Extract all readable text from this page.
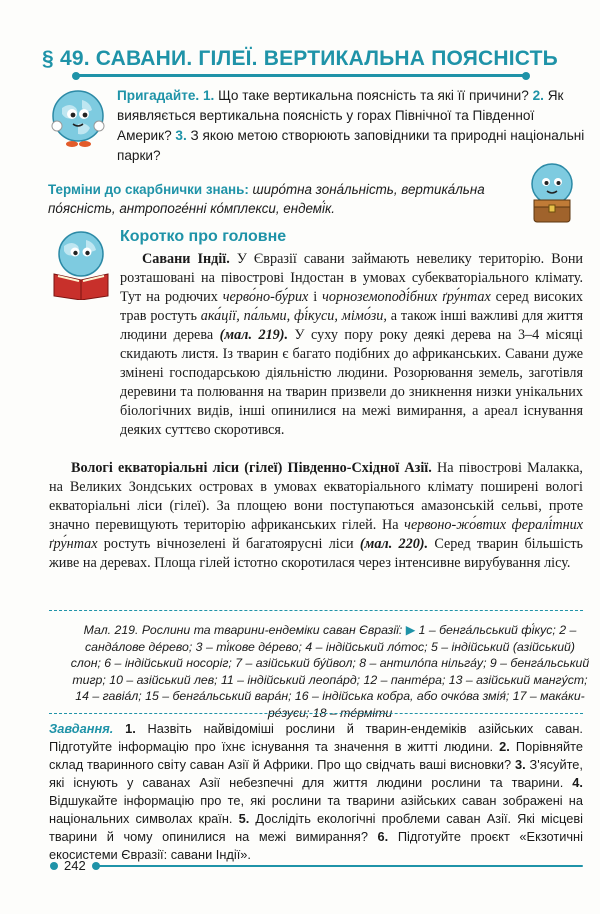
§ 49. САВАНИ. ГІЛЕЇ. ВЕРТИКАЛЬНА ПОЯСНІСТЬ
Пригадайте. 1. Що таке вертикальна поясність та які її причини? 2. Як виявляється вертикальна поясність у горах Північної та Південної Америк? 3. З якою метою створюють заповідники та природні національні парки?
Терміни до скарбнички знань: широ́тна зона́льність, вертика́льна по́ясність, антропоге́нні ко́мплекси, ендемі́к.
Коротко про головне

Савани Індії. У Євразії савани займають невелику територію. Вони розташовані на півострові Індостан в умовах субекваторіального клімату. Тут на родючих черво́но-бу́рих і чорноземоподі́бних ґру́нтах серед високих трав ростуть ака́ції, па́льми, фі́куси, мімо́зи, а також інші важливі для життя людини дерева (мал. 219). У суху пору року деякі дерева на 3–4 місяці скидають листя. Із тварин є багато подібних до африканських. Савани дуже змінені господарською діяльністю людини. Розорювання земель, заготівля деревини та полювання на тварин призвели до зникнення низки унікальних біологічних видів, інші опинилися на межі вимирання, а ареал існування деяких суттєво скоротився.

Вологі екваторіальні ліси (гілеї) Південно-Східної Азії. На півострові Малакка, на Великих Зондських островах в умовах екваторіального клімату поширені вологі екваторіальні ліси (гілеї). За площею вони поступаються амазонській сельві, проте значно перевищують територію африканських гілей. На червоно-жо́втих фералі́тних ґру́нтах ростуть вічнозелені й багатоярусні ліси (мал. 220). Серед тварин більшість живе на деревах. Площа гілей істотно скоротилася через інтенсивне вирубування лісу.

Мал. 219. Рослини та тварини-ендеміки саван Євразії: ▶ 1 – бенга́льський фі́кус; 2 – санда́лове де́рево; 3 – ті́кове де́рево; 4 – індійський ло́тос; 5 – індійський (азійський) слон; 6 – індійський носоріг; 7 – азійський бу́йвол; 8 – антило́па нільга́у; 9 – бенга́льський тигр; 10 – азійський лев; 11 – індійський леопа́рд; 12 – панте́ра; 13 – азійський мангу́ст; 14 – гавіа́л; 15 – бенга́льський вара́н; 16 – індійська кобра, або очко́ва змія́; 17 – мака́ки-ре́зуси; 18 – те́рміти
Завдання. 1. Назвіть найвідоміші рослини й тварин-ендеміків азійських саван. Підготуйте інформацію про їхнє існування та значення в житті людини. 2. Порівняйте склад тваринного світу саван Азії й Африки. Про що свідчать ваші висновки? 3. З'ясуйте, які існують у саванах Азії небезпечні для життя людини рослини та тварини. 4. Відшукайте інформацію про те, які рослини та тварини азійських саван зображені на національних символах країн. 5. Дослідіть екологічні проблеми саван Азії. Які місцеві тварини й чому опинилися на межі вимирання? 6. Підготуйте проєкт «Екзотичні екосистеми Євразії: савани Індії».
242
